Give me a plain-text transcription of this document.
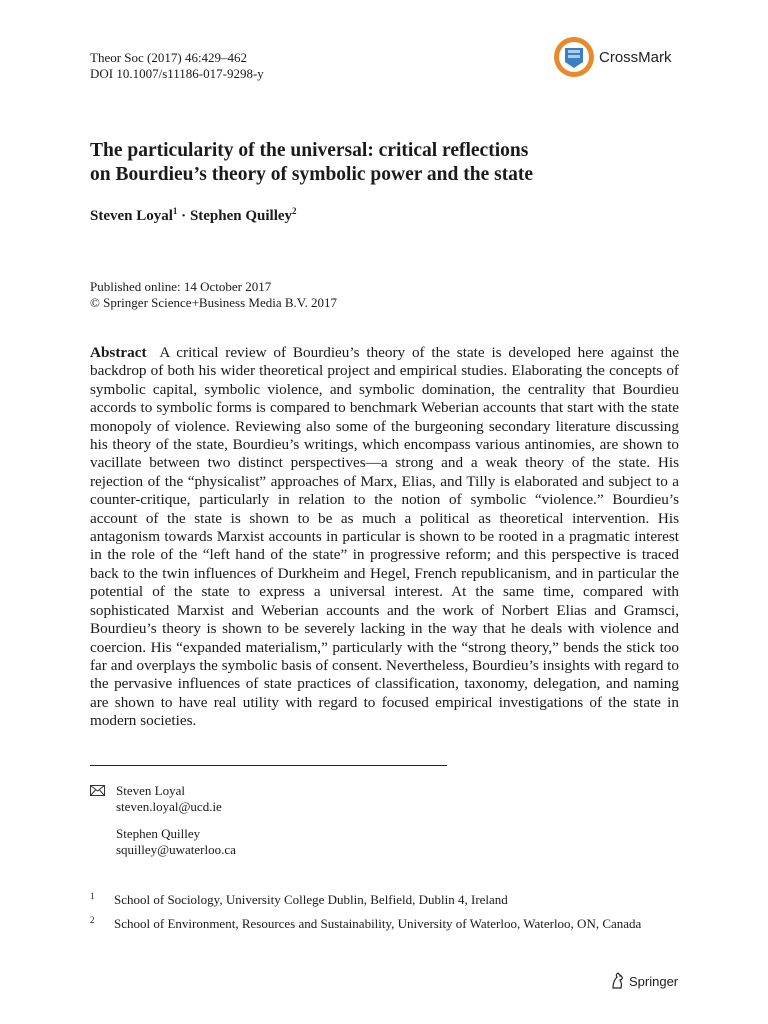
Theor Soc (2017) 46:429–462
DOI 10.1007/s11186-017-9298-y
CrossMark
The particularity of the universal: critical reflections
on Bourdieu’s theory of symbolic power and the state
Steven Loyal$^1$ · Stephen Quilley$^2$
Published online: 14 October 2017
© Springer Science+Business Media B.V. 2017
Abstract A critical review of Bourdieu’s theory of the state is developed here against the backdrop of both his wider theoretical project and empirical studies. Elaborating the concepts of symbolic capital, symbolic violence, and symbolic domination, the centrality that Bourdieu accords to symbolic forms is compared to benchmark Weberian accounts that start with the state monopoly of violence. Reviewing also some of the burgeoning secondary literature discussing his theory of the state, Bourdieu’s writings, which encompass various antinomies, are shown to vacillate between two distinct perspectives—a strong and a weak theory of the state. His rejection of the “physicalist” approaches of Marx, Elias, and Tilly is elaborated and subject to a counter-critique, particularly in relation to the notion of symbolic “violence.” Bourdieu’s account of the state is shown to be as much a political as theoretical intervention. His antagonism towards Marxist accounts in particular is shown to be rooted in a pragmatic interest in the role of the “left hand of the state” in progressive reform; and this perspective is traced back to the twin influences of Durkheim and Hegel, French republicanism, and in particular the potential of the state to express a universal interest. At the same time, compared with sophisticated Marxist and Weberian accounts and the work of Norbert Elias and Gramsci, Bourdieu’s theory is shown to be severely lacking in the way that he deals with violence and coercion. His “expanded materialism,” particularly with the “strong theory,” bends the stick too far and overplays the symbolic basis of consent. Nevertheless, Bourdieu’s insights with regard to the pervasive influences of state practices of classification, taxonomy, delegation, and naming are shown to have real utility with regard to focused empirical investigations of the state in modern societies.
Steven Loyal
steven.loyal@ucd.ie
Stephen Quilley
squilley@uwaterloo.ca
1 School of Sociology, University College Dublin, Belfield, Dublin 4, Ireland
2 School of Environment, Resources and Sustainability, University of Waterloo, Waterloo, ON, Canada
Springer
